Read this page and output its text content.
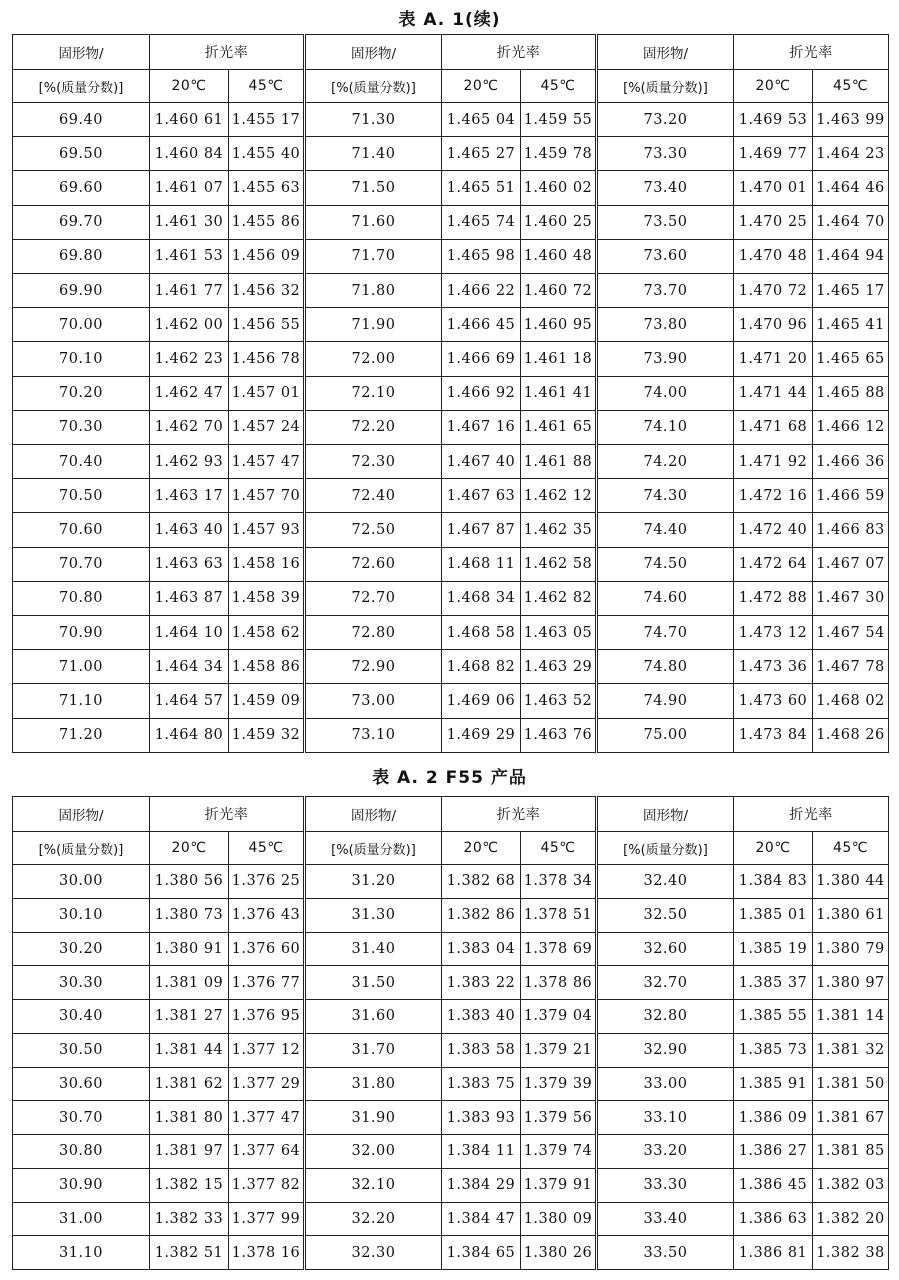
表 A. 1(续)
固形物/	折光率		固形物/	折光率		固形物/	折光率	
[%(质量分数)]	20℃	45℃	[%(质量分数)]	20℃	45℃	[%(质量分数)]	20℃	45℃
69.40	1.460 61	1.455 17	71.30	1.465 04	1.459 55	73.20	1.469 53	1.463 99
69.50	1.460 84	1.455 40	71.40	1.465 27	1.459 78	73.30	1.469 77	1.464 23
69.60	1.461 07	1.455 63	71.50	1.465 51	1.460 02	73.40	1.470 01	1.464 46
69.70	1.461 30	1.455 86	71.60	1.465 74	1.460 25	73.50	1.470 25	1.464 70
69.80	1.461 53	1.456 09	71.70	1.465 98	1.460 48	73.60	1.470 48	1.464 94
69.90	1.461 77	1.456 32	71.80	1.466 22	1.460 72	73.70	1.470 72	1.465 17
70.00	1.462 00	1.456 55	71.90	1.466 45	1.460 95	73.80	1.470 96	1.465 41
70.10	1.462 23	1.456 78	72.00	1.466 69	1.461 18	73.90	1.471 20	1.465 65
70.20	1.462 47	1.457 01	72.10	1.466 92	1.461 41	74.00	1.471 44	1.465 88
70.30	1.462 70	1.457 24	72.20	1.467 16	1.461 65	74.10	1.471 68	1.466 12
70.40	1.462 93	1.457 47	72.30	1.467 40	1.461 88	74.20	1.471 92	1.466 36
70.50	1.463 17	1.457 70	72.40	1.467 63	1.462 12	74.30	1.472 16	1.466 59
70.60	1.463 40	1.457 93	72.50	1.467 87	1.462 35	74.40	1.472 40	1.466 83
70.70	1.463 63	1.458 16	72.60	1.468 11	1.462 58	74.50	1.472 64	1.467 07
70.80	1.463 87	1.458 39	72.70	1.468 34	1.462 82	74.60	1.472 88	1.467 30
70.90	1.464 10	1.458 62	72.80	1.468 58	1.463 05	74.70	1.473 12	1.467 54
71.00	1.464 34	1.458 86	72.90	1.468 82	1.463 29	74.80	1.473 36	1.467 78
71.10	1.464 57	1.459 09	73.00	1.469 06	1.463 52	74.90	1.473 60	1.468 02
71.20	1.464 80	1.459 32	73.10	1.469 29	1.463 76	75.00	1.473 84	1.468 26
表 A. 2 F55 产品
固形物/	折光率		固形物/	折光率		固形物/	折光率	
[%(质量分数)]	20℃	45℃	[%(质量分数)]	20℃	45℃	[%(质量分数)]	20℃	45℃
30.00	1.380 56	1.376 25	31.20	1.382 68	1.378 34	32.40	1.384 83	1.380 44
30.10	1.380 73	1.376 43	31.30	1.382 86	1.378 51	32.50	1.385 01	1.380 61
30.20	1.380 91	1.376 60	31.40	1.383 04	1.378 69	32.60	1.385 19	1.380 79
30.30	1.381 09	1.376 77	31.50	1.383 22	1.378 86	32.70	1.385 37	1.380 97
30.40	1.381 27	1.376 95	31.60	1.383 40	1.379 04	32.80	1.385 55	1.381 14
30.50	1.381 44	1.377 12	31.70	1.383 58	1.379 21	32.90	1.385 73	1.381 32
30.60	1.381 62	1.377 29	31.80	1.383 75	1.379 39	33.00	1.385 91	1.381 50
30.70	1.381 80	1.377 47	31.90	1.383 93	1.379 56	33.10	1.386 09	1.381 67
30.80	1.381 97	1.377 64	32.00	1.384 11	1.379 74	33.20	1.386 27	1.381 85
30.90	1.382 15	1.377 82	32.10	1.384 29	1.379 91	33.30	1.386 45	1.382 03
31.00	1.382 33	1.377 99	32.20	1.384 47	1.380 09	33.40	1.386 63	1.382 20
31.10	1.382 51	1.378 16	32.30	1.384 65	1.380 26	33.50	1.386 81	1.382 38
